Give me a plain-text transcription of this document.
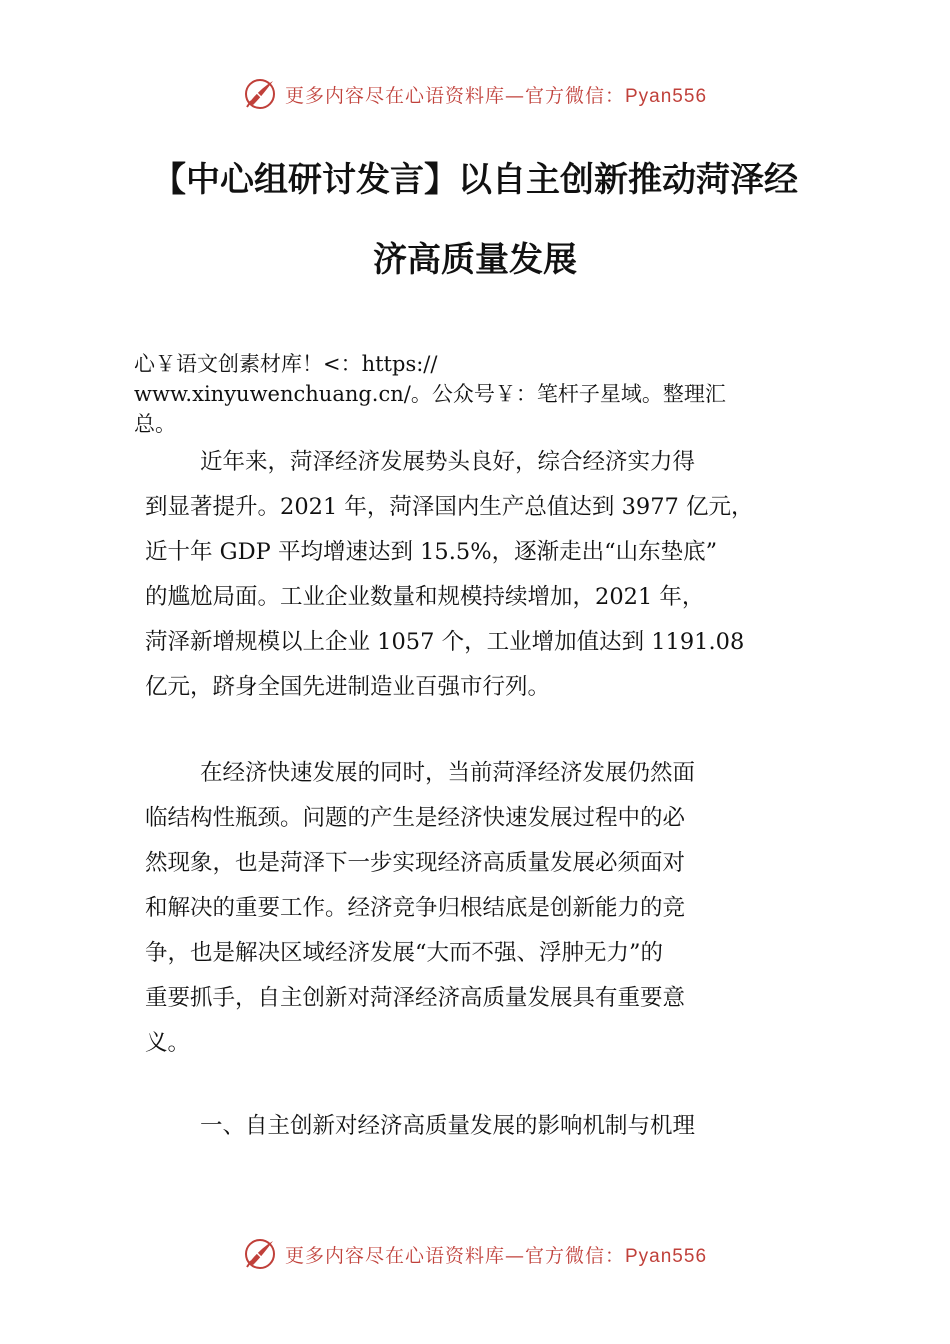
更多内容尽在心语资料库—官方微信：Pyan556
【中心组研讨发言】以自主创新推动菏泽经
济高质量发展
心￥语文创素材库！<：https://
www.xinyuwenchuang.cn/。公众号￥：笔杆子星域。整理汇
总。
近年来，菏泽经济发展势头良好，综合经济实力得
到显著提升。2021 年，菏泽国内生产总值达到 3977 亿元，
近十年 GDP 平均增速达到 15.5%，逐渐走出“山东垫底”
的尴尬局面。工业企业数量和规模持续增加，2021 年，
菏泽新增规模以上企业 1057 个，工业增加值达到 1191.08
亿元，跻身全国先进制造业百强市行列。
在经济快速发展的同时，当前菏泽经济发展仍然面
临结构性瓶颈。问题的产生是经济快速发展过程中的必
然现象，也是菏泽下一步实现经济高质量发展必须面对
和解决的重要工作。经济竞争归根结底是创新能力的竞
争，也是解决区域经济发展“大而不强、浮肿无力”的
重要抓手，自主创新对菏泽经济高质量发展具有重要意
义。
一、自主创新对经济高质量发展的影响机制与机理
更多内容尽在心语资料库—官方微信：Pyan556
